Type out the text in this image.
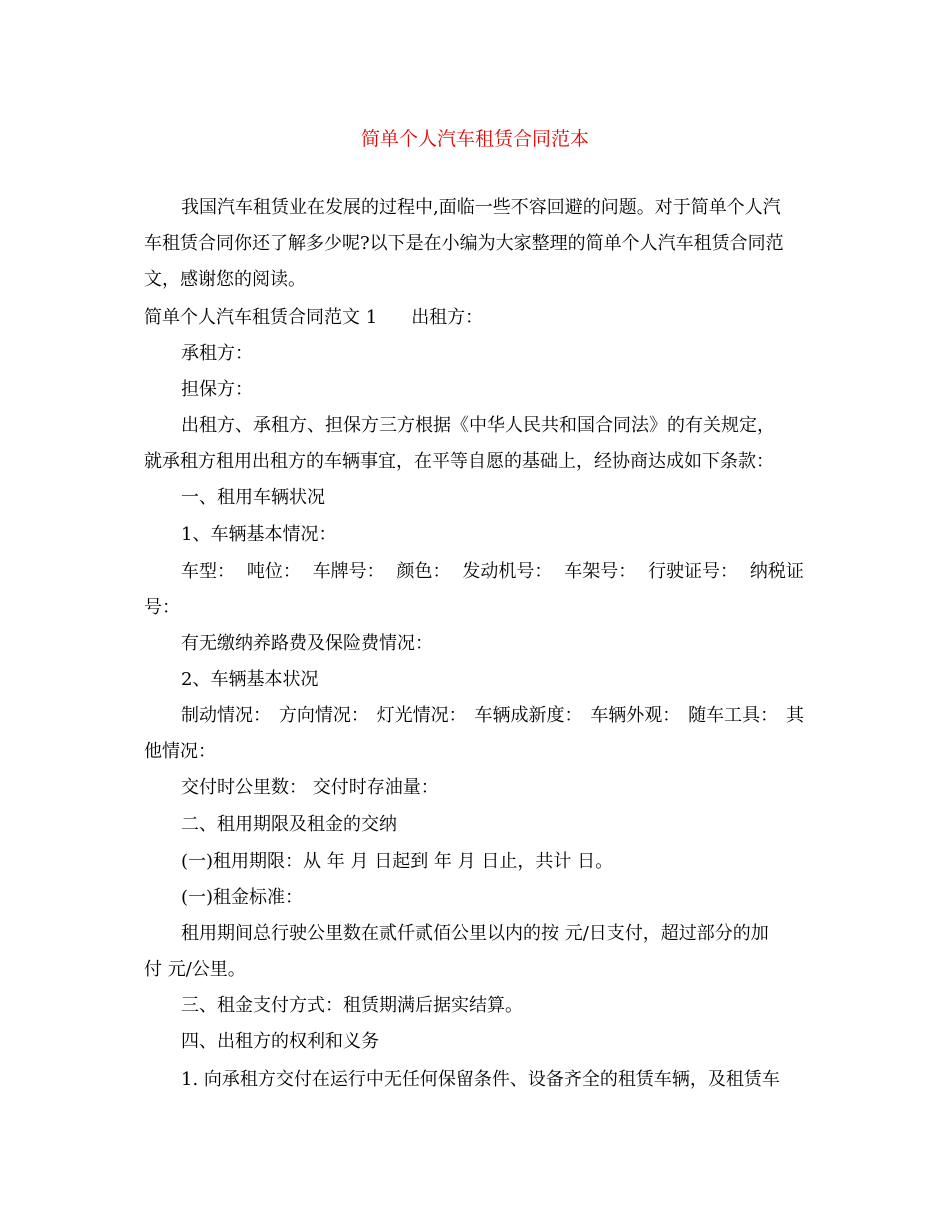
简单个人汽车租赁合同范本
我国汽车租赁业在发展的过程中,面临一些不容回避的问题。对于简单个人汽
车租赁合同你还了解多少呢?以下是在小编为大家整理的简单个人汽车租赁合同范
文，感谢您的阅读。
简单个人汽车租赁合同范文 1 出租方：
承租方：
担保方：
出租方、承租方、担保方三方根据《中华人民共和国合同法》的有关规定，
就承租方租用出租方的车辆事宜，在平等自愿的基础上，经协商达成如下条款：
一、租用车辆状况
1、车辆基本情况：
车型： 吨位： 车牌号： 颜色： 发动机号： 车架号： 行驶证号： 纳税证
号：
有无缴纳养路费及保险费情况：
2、车辆基本状况
制动情况： 方向情况： 灯光情况： 车辆成新度： 车辆外观： 随车工具： 其
他情况：
交付时公里数： 交付时存油量：
二、租用期限及租金的交纳
(一)租用期限：从 年 月 日起到 年 月 日止，共计 日。
(一)租金标准：
租用期间总行驶公里数在贰仟贰佰公里以内的按 元/日支付，超过部分的加
付 元/公里。
三、租金支付方式：租赁期满后据实结算。
四、出租方的权利和义务
1. 向承租方交付在运行中无任何保留条件、设备齐全的租赁车辆，及租赁车
